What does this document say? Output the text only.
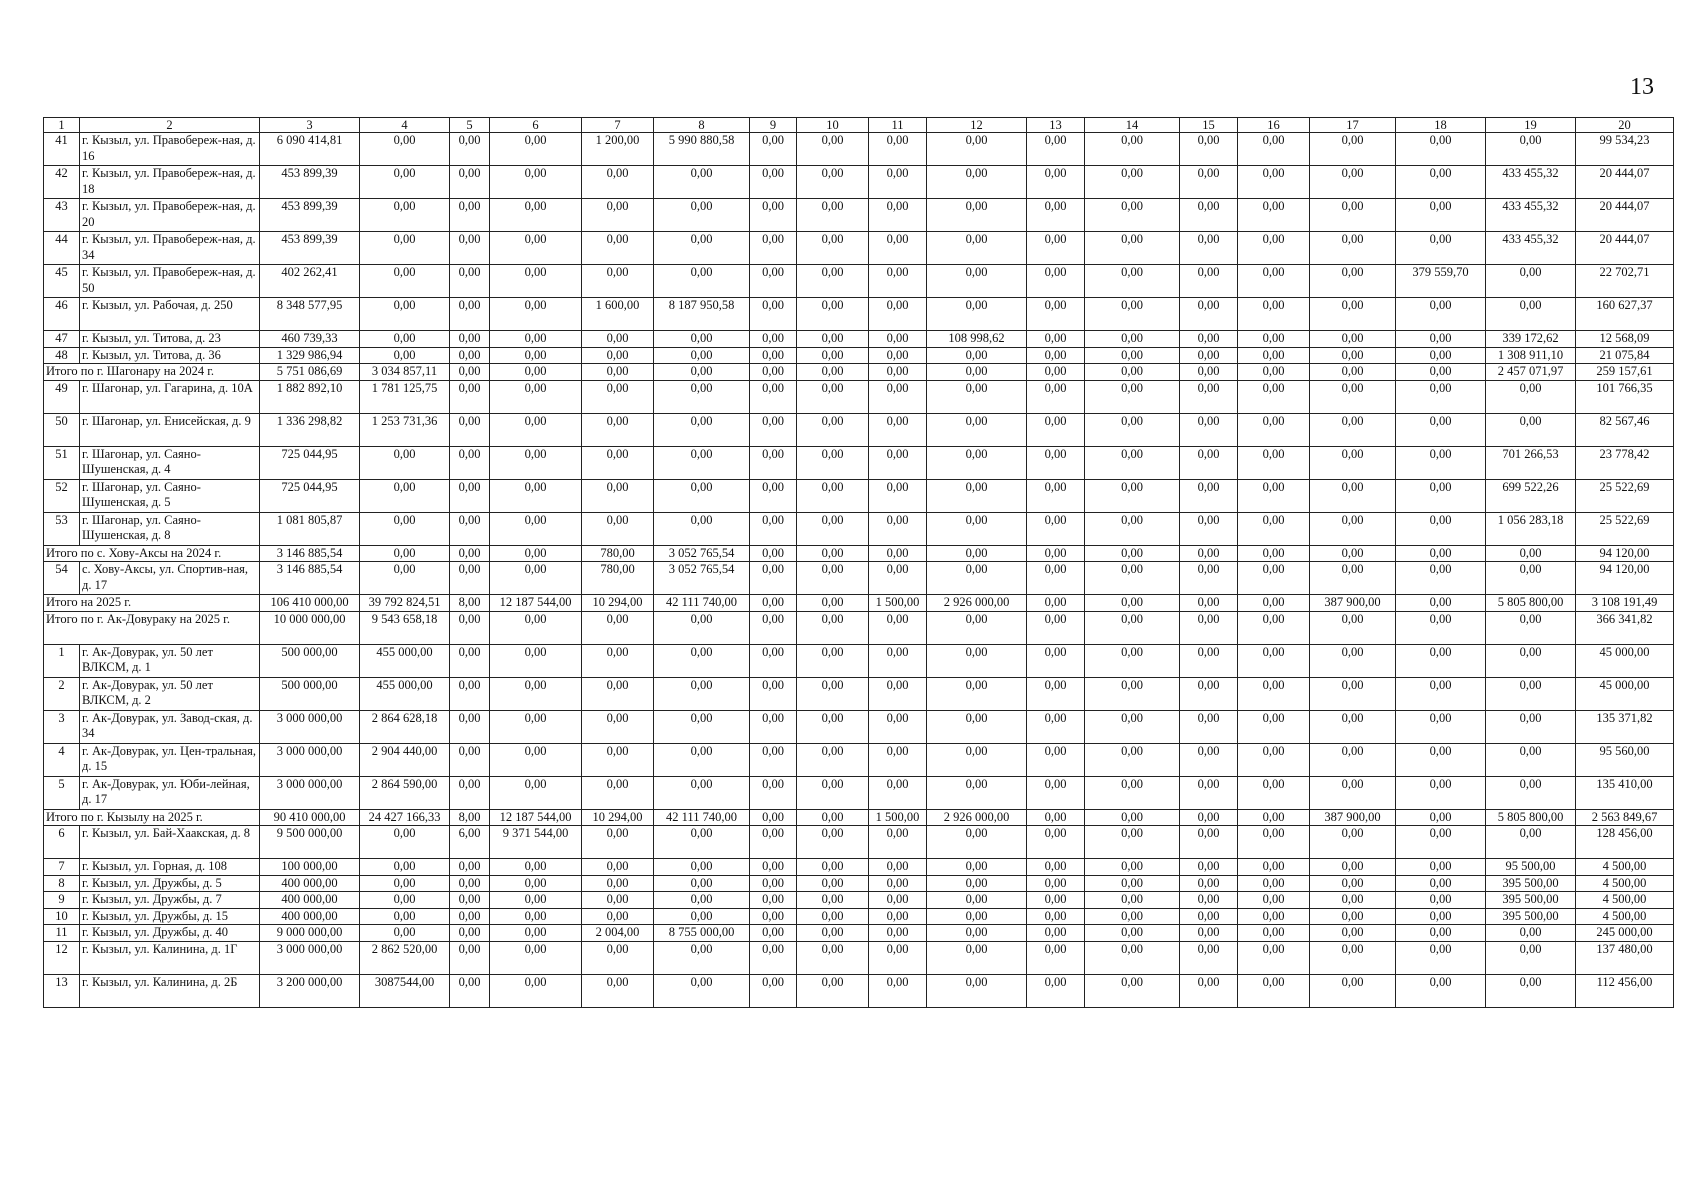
13
1	2	3	4	5	6	7	8	9	10	11	12	13	14	15	16	17	18	19	20
41	г. Кызыл, ул. Правобереж-ная, д. 16	6 090 414,81	0,00	0,00	0,00	1 200,00	5 990 880,58	0,00	0,00	0,00	0,00	0,00	0,00	0,00	0,00	0,00	0,00	0,00	99 534,23
42	г. Кызыл, ул. Правобереж-ная, д. 18	453 899,39	0,00	0,00	0,00	0,00	0,00	0,00	0,00	0,00	0,00	0,00	0,00	0,00	0,00	0,00	0,00	433 455,32	20 444,07
43	г. Кызыл, ул. Правобереж-ная, д. 20	453 899,39	0,00	0,00	0,00	0,00	0,00	0,00	0,00	0,00	0,00	0,00	0,00	0,00	0,00	0,00	0,00	433 455,32	20 444,07
44	г. Кызыл, ул. Правобереж-ная, д. 34	453 899,39	0,00	0,00	0,00	0,00	0,00	0,00	0,00	0,00	0,00	0,00	0,00	0,00	0,00	0,00	0,00	433 455,32	20 444,07
45	г. Кызыл, ул. Правобереж-ная, д. 50	402 262,41	0,00	0,00	0,00	0,00	0,00	0,00	0,00	0,00	0,00	0,00	0,00	0,00	0,00	0,00	379 559,70	0,00	22 702,71
46	г. Кызыл, ул. Рабочая, д. 250	8 348 577,95	0,00	0,00	0,00	1 600,00	8 187 950,58	0,00	0,00	0,00	0,00	0,00	0,00	0,00	0,00	0,00	0,00	0,00	160 627,37
47	г. Кызыл, ул. Титова, д. 23	460 739,33	0,00	0,00	0,00	0,00	0,00	0,00	0,00	0,00	108 998,62	0,00	0,00	0,00	0,00	0,00	0,00	339 172,62	12 568,09
48	г. Кызыл, ул. Титова, д. 36	1 329 986,94	0,00	0,00	0,00	0,00	0,00	0,00	0,00	0,00	0,00	0,00	0,00	0,00	0,00	0,00	0,00	1 308 911,10	21 075,84
Итого по г. Шагонару на 2024 г.		5 751 086,69	3 034 857,11	0,00	0,00	0,00	0,00	0,00	0,00	0,00	0,00	0,00	0,00	0,00	0,00	0,00	0,00	2 457 071,97	259 157,61
49	г. Шагонар, ул. Гагарина, д. 10А	1 882 892,10	1 781 125,75	0,00	0,00	0,00	0,00	0,00	0,00	0,00	0,00	0,00	0,00	0,00	0,00	0,00	0,00	0,00	101 766,35
50	г. Шагонар, ул. Енисейская, д. 9	1 336 298,82	1 253 731,36	0,00	0,00	0,00	0,00	0,00	0,00	0,00	0,00	0,00	0,00	0,00	0,00	0,00	0,00	0,00	82 567,46
51	г. Шагонар, ул. Саяно-Шушенская, д. 4	725 044,95	0,00	0,00	0,00	0,00	0,00	0,00	0,00	0,00	0,00	0,00	0,00	0,00	0,00	0,00	0,00	701 266,53	23 778,42
52	г. Шагонар, ул. Саяно-Шушенская, д. 5	725 044,95	0,00	0,00	0,00	0,00	0,00	0,00	0,00	0,00	0,00	0,00	0,00	0,00	0,00	0,00	0,00	699 522,26	25 522,69
53	г. Шагонар, ул. Саяно-Шушенская, д. 8	1 081 805,87	0,00	0,00	0,00	0,00	0,00	0,00	0,00	0,00	0,00	0,00	0,00	0,00	0,00	0,00	0,00	1 056 283,18	25 522,69
Итого по с. Хову-Аксы на 2024 г.		3 146 885,54	0,00	0,00	0,00	780,00	3 052 765,54	0,00	0,00	0,00	0,00	0,00	0,00	0,00	0,00	0,00	0,00	0,00	94 120,00
54	с. Хову-Аксы, ул. Спортив-ная, д. 17	3 146 885,54	0,00	0,00	0,00	780,00	3 052 765,54	0,00	0,00	0,00	0,00	0,00	0,00	0,00	0,00	0,00	0,00	0,00	94 120,00
Итого на 2025 г.		106 410 000,00	39 792 824,51	8,00	12 187 544,00	10 294,00	42 111 740,00	0,00	0,00	1 500,00	2 926 000,00	0,00	0,00	0,00	0,00	387 900,00	0,00	5 805 800,00	3 108 191,49
Итого по г. Ак-Довураку на 2025 г.		10 000 000,00	9 543 658,18	0,00	0,00	0,00	0,00	0,00	0,00	0,00	0,00	0,00	0,00	0,00	0,00	0,00	0,00	0,00	366 341,82
1	г. Ак-Довурак, ул. 50 лет ВЛКСМ, д. 1	500 000,00	455 000,00	0,00	0,00	0,00	0,00	0,00	0,00	0,00	0,00	0,00	0,00	0,00	0,00	0,00	0,00	0,00	45 000,00
2	г. Ак-Довурак, ул. 50 лет ВЛКСМ, д. 2	500 000,00	455 000,00	0,00	0,00	0,00	0,00	0,00	0,00	0,00	0,00	0,00	0,00	0,00	0,00	0,00	0,00	0,00	45 000,00
3	г. Ак-Довурак, ул. Завод-ская, д. 34	3 000 000,00	2 864 628,18	0,00	0,00	0,00	0,00	0,00	0,00	0,00	0,00	0,00	0,00	0,00	0,00	0,00	0,00	0,00	135 371,82
4	г. Ак-Довурак, ул. Цен-тральная, д. 15	3 000 000,00	2 904 440,00	0,00	0,00	0,00	0,00	0,00	0,00	0,00	0,00	0,00	0,00	0,00	0,00	0,00	0,00	0,00	95 560,00
5	г. Ак-Довурак, ул. Юби-лейная, д. 17	3 000 000,00	2 864 590,00	0,00	0,00	0,00	0,00	0,00	0,00	0,00	0,00	0,00	0,00	0,00	0,00	0,00	0,00	0,00	135 410,00
Итого по г. Кызылу на 2025 г.		90 410 000,00	24 427 166,33	8,00	12 187 544,00	10 294,00	42 111 740,00	0,00	0,00	1 500,00	2 926 000,00	0,00	0,00	0,00	0,00	387 900,00	0,00	5 805 800,00	2 563 849,67
6	г. Кызыл, ул. Бай-Хаакская, д. 8	9 500 000,00	0,00	6,00	9 371 544,00	0,00	0,00	0,00	0,00	0,00	0,00	0,00	0,00	0,00	0,00	0,00	0,00	0,00	128 456,00
7	г. Кызыл, ул. Горная, д. 108	100 000,00	0,00	0,00	0,00	0,00	0,00	0,00	0,00	0,00	0,00	0,00	0,00	0,00	0,00	0,00	0,00	95 500,00	4 500,00
8	г. Кызыл, ул. Дружбы, д. 5	400 000,00	0,00	0,00	0,00	0,00	0,00	0,00	0,00	0,00	0,00	0,00	0,00	0,00	0,00	0,00	0,00	395 500,00	4 500,00
9	г. Кызыл, ул. Дружбы, д. 7	400 000,00	0,00	0,00	0,00	0,00	0,00	0,00	0,00	0,00	0,00	0,00	0,00	0,00	0,00	0,00	0,00	395 500,00	4 500,00
10	г. Кызыл, ул. Дружбы, д. 15	400 000,00	0,00	0,00	0,00	0,00	0,00	0,00	0,00	0,00	0,00	0,00	0,00	0,00	0,00	0,00	0,00	395 500,00	4 500,00
11	г. Кызыл, ул. Дружбы, д. 40	9 000 000,00	0,00	0,00	0,00	2 004,00	8 755 000,00	0,00	0,00	0,00	0,00	0,00	0,00	0,00	0,00	0,00	0,00	0,00	245 000,00
12	г. Кызыл, ул. Калинина, д. 1Г	3 000 000,00	2 862 520,00	0,00	0,00	0,00	0,00	0,00	0,00	0,00	0,00	0,00	0,00	0,00	0,00	0,00	0,00	0,00	137 480,00
13	г. Кызыл, ул. Калинина, д. 2Б	3 200 000,00	3087544,00	0,00	0,00	0,00	0,00	0,00	0,00	0,00	0,00	0,00	0,00	0,00	0,00	0,00	0,00	0,00	112 456,00
